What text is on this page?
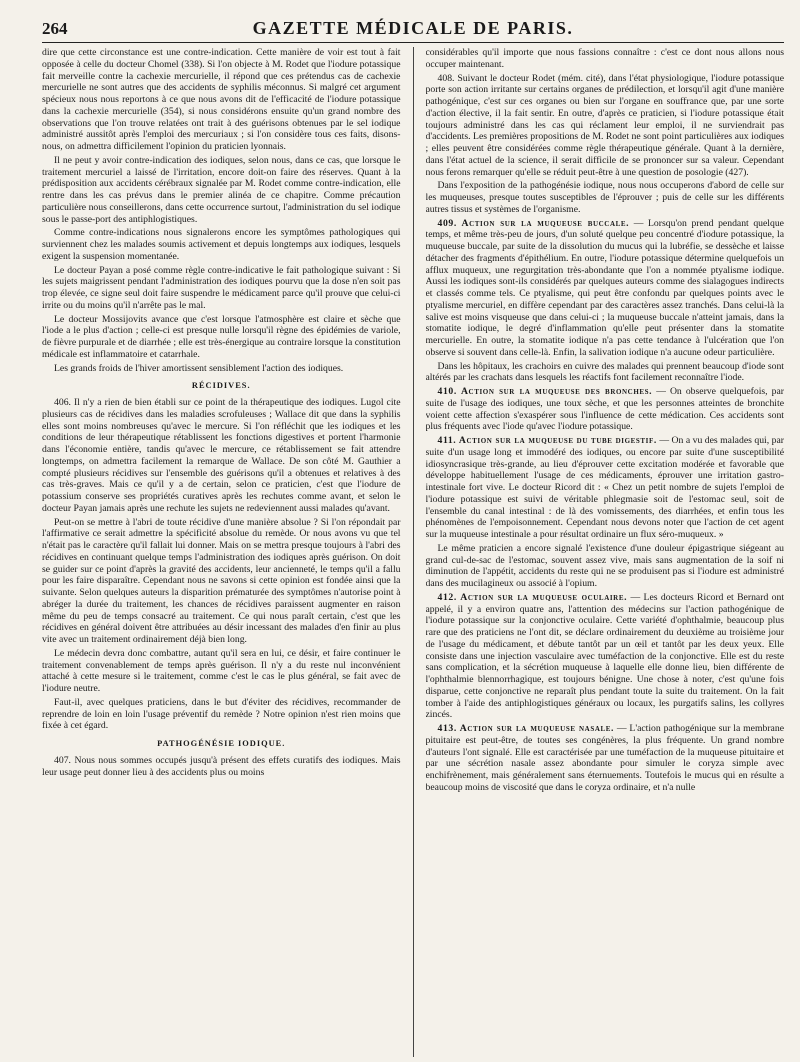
264	GAZETTE MÉDICALE DE PARIS.

dire que cette circonstance est une contre-indication. Cette manière de voir est tout à fait opposée à celle du docteur Chomel (338). Si l'on objecte à M. Rodet que l'iodure potassique fait merveille contre la cachexie mercurielle, il répond que ces prétendus cas de cachexie mercurielle ne sont autres que des accidents de syphilis méconnus. Si malgré cet argument spécieux nous nous reportons à ce que nous avons dit de l'efficacité de l'iodure potassique dans la cachexie mercurielle (354), si nous considérons ensuite qu'un grand nombre des observations que l'on trouve relatées ont trait à des guérisons obtenues par le sel iodique administré aussitôt après l'emploi des mercuriaux ; si l'on considère tous ces faits, disons-nous, on admettra difficilement l'opinion du praticien lyonnais.

Il ne peut y avoir contre-indication des iodiques, selon nous, dans ce cas, que lorsque le traitement mercuriel a laissé de l'irritation, encore doit-on faire des réserves. Quant à la prédisposition aux accidents cérébraux signalée par M. Rodet comme contre-indication, elle rentre dans les cas prévus dans le premier alinéa de ce chapitre. Comme précaution particulière nous conseillerons, dans cette occurrence surtout, l'administration du sel iodique sous le passe-port des antiphlogistiques.

Comme contre-indications nous signalerons encore les symptômes pathologiques qui surviennent chez les malades soumis activement et depuis longtemps aux iodiques, lesquels exigent la suspension momentanée.

Le docteur Payan a posé comme règle contre-indicative le fait pathologique suivant : Si les sujets maigrissent pendant l'administration des iodiques pourvu que la dose n'en soit pas trop élevée, ce signe seul doit faire suspendre le médicament parce qu'il prouve que celui-ci irrite ou du moins qu'il n'arrête pas le mal.

Le docteur Mossijovits avance que c'est lorsque l'atmosphère est claire et sèche que l'iode a le plus d'action ; celle-ci est presque nulle lorsqu'il règne des épidémies de variole, de fièvre purpurale et de diarrhée ; elle est très-énergique au contraire lorsque la constitution médicale est inflammatoire et catarrhale.

Les grands froids de l'hiver amortissent sensiblement l'action des iodiques.

RÉCIDIVES.

406. Il n'y a rien de bien établi sur ce point de la thérapeutique des iodiques. Lugol cite plusieurs cas de récidives dans les maladies scrofuleuses ; Wallace dit que dans la syphilis elles sont moins nombreuses qu'avec le mercure. Si l'on réfléchit que les iodiques et les conditions de leur thérapeutique rétablissent les fonctions digestives et portent l'harmonie dans l'économie entière, tandis qu'avec le mercure, ce rétablissement se fait attendre longtemps, on admettra facilement la remarque de Wallace. De son côté M. Gauthier a compté plusieurs récidives sur l'ensemble des guérisons qu'il a obtenues et relatives à des cas très-graves. Mais ce qu'il y a de certain, selon ce praticien, c'est que l'iodure de potassium conserve ses propriétés curatives après les rechutes comme avant, et selon le docteur Payan jamais après une rechute les sujets ne redeviennent aussi malades qu'avant.

Peut-on se mettre à l'abri de toute récidive d'une manière absolue ? Si l'on répondait par l'affirmative ce serait admettre la spécificité absolue du remède. Or nous avons vu que tel n'était pas le caractère qu'il fallait lui donner. Mais on se mettra presque toujours à l'abri des récidives en continuant quelque temps l'administration des iodiques après guérison. On doit se guider sur ce point d'après la gravité des accidents, leur ancienneté, le temps qu'il a fallu pour les faire disparaître. Cependant nous ne savons si cette opinion est fondée ainsi que la suivante. Selon quelques auteurs la disparition prématurée des symptômes n'autorise point à abréger la durée du traitement, les chances de récidives paraissent augmenter en raison même du peu de temps consacré au traitement. Ce qui nous paraît certain, c'est que les récidives en général doivent être attribuées au désir incessant des malades d'en finir au plus vite avec un traitement ordinairement déjà bien long.

Le médecin devra donc combattre, autant qu'il sera en lui, ce désir, et faire continuer le traitement convenablement de temps après guérison. Il n'y a du reste nul inconvénient attaché à cette mesure si le traitement, comme c'est le cas le plus général, se fait avec de l'iodure neutre.

Faut-il, avec quelques praticiens, dans le but d'éviter des récidives, recommander de reprendre de loin en loin l'usage préventif du remède ? Notre opinion n'est rien moins que fixée à cet égard.

PATHOGÉNÉSIE IODIQUE.

407. Nous nous sommes occupés jusqu'à présent des effets curatifs des iodiques. Mais leur usage peut donner lieu à des accidents plus ou moins

considérables qu'il importe que nous fassions connaître : c'est ce dont nous allons nous occuper maintenant.

408. Suivant le docteur Rodet (mém. cité), dans l'état physiologique, l'iodure potassique porte son action irritante sur certains organes de prédilection, et lorsqu'il agit d'une manière pathogénique, c'est sur ces organes ou bien sur l'organe en souffrance que, par une sorte d'action élective, il la fait sentir. En outre, d'après ce praticien, si l'iodure potassique était toujours administré dans les cas qui réclament leur emploi, il ne surviendrait pas d'accidents. Les premières propositions de M. Rodet ne sont point particulières aux iodiques ; elles peuvent être considérées comme règle thérapeutique générale. Quant à la dernière, dans l'état actuel de la science, il serait difficile de se prononcer sur sa valeur. Cependant nous ferons remarquer qu'elle se réduit peut-être à une question de posologie (427).

Dans l'exposition de la pathogénésie iodique, nous nous occuperons d'abord de celle sur les muqueuses, presque toutes susceptibles de l'éprouver ; puis de celle sur les différents autres tissus et systèmes de l'organisme.

409. Action sur la muqueuse buccale. — Lorsqu'on prend pendant quelque temps, et même très-peu de jours, d'un soluté quelque peu concentré d'iodure potassique, la muqueuse buccale, par suite de la dissolution du mucus qui la lubréfie, se dessèche et laisse détacher des fragments d'épithélium. En outre, l'iodure potassique détermine quelquefois un afflux muqueux, une regurgitation très-abondante que l'on a nommée ptyalisme iodique. Aussi les iodiques sont-ils considérés par quelques auteurs comme des sialagogues indirects et classés comme tels. Ce ptyalisme, qui peut être confondu par quelques points avec le ptyalisme mercuriel, en diffère cependant par des caractères assez tranchés. Dans celui-là la salive est moins visqueuse que dans celui-ci ; la muqueuse buccale n'atteint jamais, dans la stomatite iodique, le degré d'inflammation qu'elle peut présenter dans la stomatite mercurielle. En outre, la stomatite iodique n'a pas cette tendance à l'ulcération que l'on observe si souvent dans celle-là. Enfin, la salivation iodique n'a aucune odeur particulière.

Dans les hôpitaux, les crachoirs en cuivre des malades qui prennent beaucoup d'iode sont altérés par les crachats dans lesquels les réactifs font facilement reconnaître l'iode.

410. Action sur la muqueuse des bronches. — On observe quelquefois, par suite de l'usage des iodiques, une toux sèche, et que les personnes atteintes de bronchite voient cette affection s'exaspérer sous l'influence de cette médication. Ces accidents sont plus fréquents avec l'iode qu'avec l'iodure potassique.

411. Action sur la muqueuse du tube digestif. — On a vu des malades qui, par suite d'un usage long et immodéré des iodiques, ou encore par suite d'une susceptibilité idiosyncrasique très-grande, au lieu d'éprouver cette excitation modérée et favorable que développe habituellement l'usage de ces médicaments, éprouver une irritation gastro-intestinale fort vive. Le docteur Ricord dit : « Chez un petit nombre de sujets l'emploi de l'iodure potassique est suivi de véritable phlegmasie soit de l'estomac seul, soit de l'ensemble du canal intestinal : de là des vomissements, des diarrhées, et enfin tous les phénomènes de l'empoisonnement. Cependant nous devons noter que l'action de cet agent sur la muqueuse intestinale a pour résultat ordinaire un flux séro-muqueux. »

Le même praticien a encore signalé l'existence d'une douleur épigastrique siégeant au grand cul-de-sac de l'estomac, souvent assez vive, mais sans augmentation de la soif ni diminution de l'appétit, accidents du reste qui ne se produisent pas si l'iodure est administré dans des mucilagineux ou associé à l'opium.

412. Action sur la muqueuse oculaire. — Les docteurs Ricord et Bernard ont appelé, il y a environ quatre ans, l'attention des médecins sur l'action pathogénique de l'iodure potassique sur la conjonctive oculaire. Cette variété d'ophthalmie, beaucoup plus rare que des praticiens ne l'ont dit, se déclare ordinairement du deuxième au troisième jour de l'usage du médicament, et débute tantôt par un œil et tantôt par les deux yeux. Elle consiste dans une injection vasculaire avec tuméfaction de la conjonctive. Elle est du reste sans complication, et la sécrétion muqueuse à laquelle elle donne lieu, bien différente de l'ophthalmie blennorrhagique, est toujours bénigne. Une chose à noter, c'est qu'une fois disparue, cette conjonctive ne reparaît plus pendant toute la suite du traitement. On la fait tomber à l'aide des antiphlogistiques généraux ou locaux, les purgatifs salins, les collyres zincés.

413. Action sur la muqueuse nasale. — L'action pathogénique sur la membrane pituitaire est peut-être, de toutes ses congénères, la plus fréquente. Un grand nombre d'auteurs l'ont signalé. Elle est caractérisée par une tuméfaction de la muqueuse pituitaire et par une sécrétion nasale assez abondante pour simuler le coryza simple avec enchifrènement, mais généralement sans éternuements. Toutefois le mucus qui en résulte a beaucoup moins de viscosité que dans le coryza ordinaire, et n'a nulle
